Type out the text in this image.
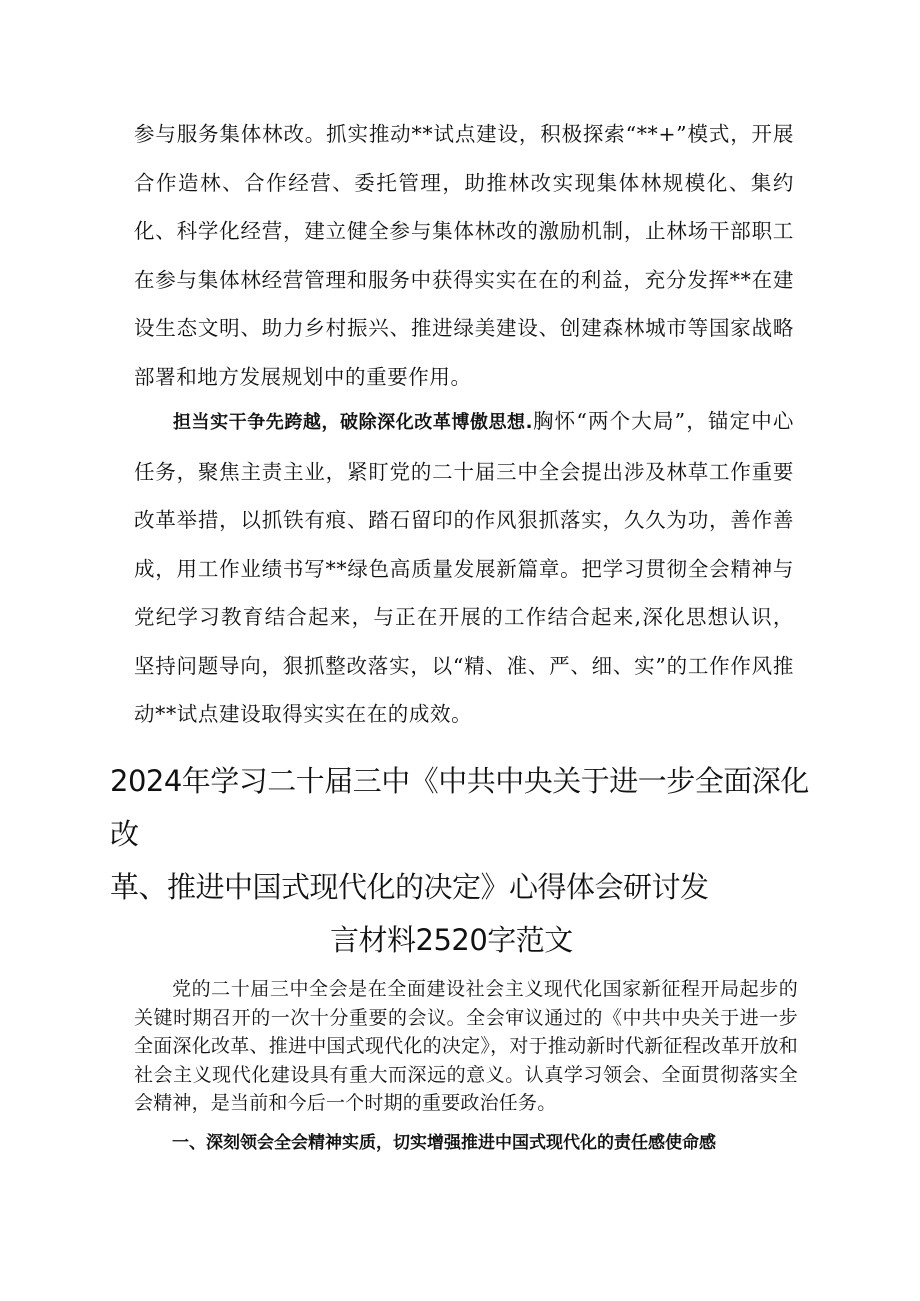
参与服务集体林改。抓实推动**试点建设，积极探索“**+”模式，开展合作造林、合作经营、委托管理，助推林改实现集体林规模化、集约化、科学化经营，建立健全参与集体林改的激励机制，止林场干部职工在参与集体林经营管理和服务中获得实实在在的利益，充分发挥**在建设生态文明、助力乡村振兴、推进绿美建设、创建森林城市等国家战略部署和地方发展规划中的重要作用。

担当实干争先跨越，破除深化改革博傲思想.胸怀“两个大局”，锚定中心任务，聚焦主责主业，紧盯党的二十届三中全会提出涉及林草工作重要改革举措，以抓铁有痕、踏石留印的作风狠抓落实，久久为功，善作善成，用工作业绩书写**绿色高质量发展新篇章。把学习贯彻全会精神与党纪学习教育结合起来，与正在开展的工作结合起来,深化思想认识，坚持问题导向，狠抓整改落实，以“精、准、严、细、实”的工作作风推动**试点建设取得实实在在的成效。

2024年学习二十届三中《中共中央关于进一步全面深化改
革、推进中国式现代化的决定》心得体会研讨发
言材料2520字范文

党的二十届三中全会是在全面建设社会主义现代化国家新征程开局起步的关键时期召开的一次十分重要的会议。全会审议通过的《中共中央关于进一步全面深化改革、推进中国式现代化的决定》，对于推动新时代新征程改革开放和社会主义现代化建设具有重大而深远的意义。认真学习领会、全面贯彻落实全会精神，是当前和今后一个时期的重要政治任务。

一、深刻领会全会精神实质，切实增强推进中国式现代化的责任感使命感
